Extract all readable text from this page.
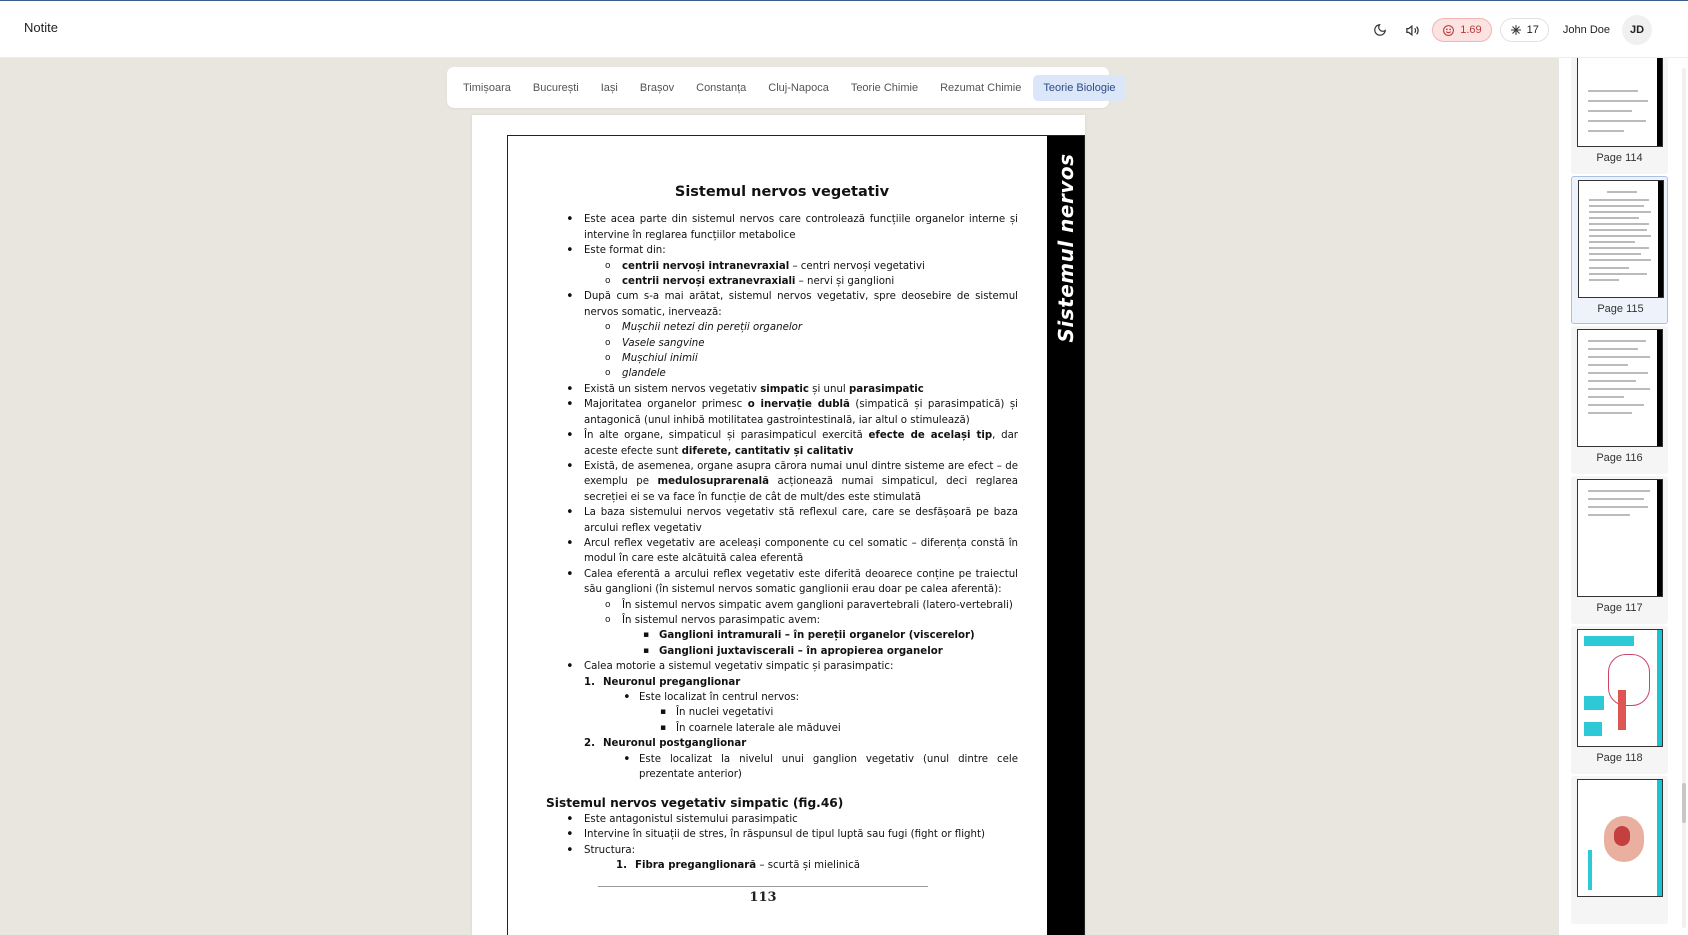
Notite	1.69	17 John Doe	JD
Timișoara	București	Iași	Brașov	Constanța	Cluj-Napoca	Teorie Chimie	Rezumat Chimie	Teorie Biologie
Sistemul nervos
Sistemul nervos vegetativ
• Este acea parte din sistemul nervos care controlează funcțiile organelor interne și intervine în reglarea funcțiilor metabolice
• Este format din:
o centrii nervoși intranevraxial – centri nervoși vegetativi
o centrii nervoși extranevraxiali – nervi și ganglioni
• După cum s-a mai arătat, sistemul nervos vegetativ, spre deosebire de sistemul nervos somatic, inervează:
o Mușchii netezi din pereții organelor
o Vasele sangvine
o Mușchiul inimii
o glandele
• Există un sistem nervos vegetativ simpatic și unul parasimpatic
• Majoritatea organelor primesc o inervație dublă (simpatică și parasimpatică) și antagonică (unul inhibă motilitatea gastrointestinală, iar altul o stimulează)
• În alte organe, simpaticul și parasimpaticul exercită efecte de același tip, dar aceste efecte sunt diferete, cantitativ și calitativ
• Există, de asemenea, organe asupra cărora numai unul dintre sisteme are efect – de exemplu pe medulosuprarenală acționează numai simpaticul, deci reglarea secreției ei se va face în funcție de cât de mult/des este stimulată
• La baza sistemului nervos vegetativ stă reflexul care, care se desfășoară pe baza arcului reflex vegetativ
• Arcul reflex vegetativ are aceleași componente cu cel somatic – diferența constă în modul în care este alcătuită calea eferentă
• Calea eferentă a arcului reflex vegetativ este diferită deoarece conține pe traiectul său ganglioni (în sistemul nervos somatic ganglionii erau doar pe calea aferentă):
o În sistemul nervos simpatic avem ganglioni paravertebrali (latero-vertebrali)
o În sistemul nervos parasimpatic avem:
▪ Ganglioni intramurali – în pereții organelor (viscerelor)
▪ Ganglioni juxtaviscerali – în apropierea organelor
• Calea motorie a sistemul vegetativ simpatic și parasimpatic:
1. Neuronul preganglionar
• Este localizat în centrul nervos:
▪ În nuclei vegetativi
▪ În coarnele laterale ale măduvei
2. Neuronul postganglionar
• Este localizat la nivelul unui ganglion vegetativ (unul dintre cele prezentate anterior)
Sistemul nervos vegetativ simpatic (fig.46)
• Este antagonistul sistemului parasimpatic
• Intervine în situații de stres, în răspunsul de tipul luptă sau fugi (fight or flight)
• Structura:
1. Fibra preganglionară – scurtă și mielinică
113
Page 114
Page 115
Page 116
Page 117
Page 118
